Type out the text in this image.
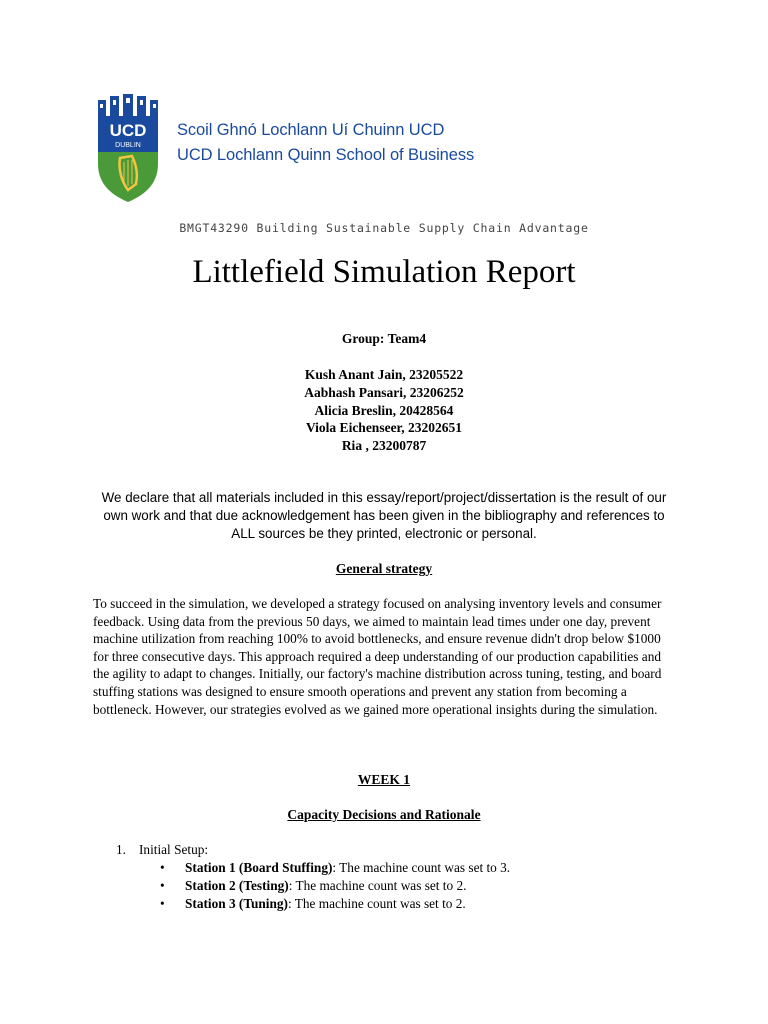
UCD
DUBLIN
Scoil Ghnó Lochlann Uí Chuinn UCD
UCD Lochlann Quinn School of Business
BMGT43290 Building Sustainable Supply Chain Advantage
Littlefield Simulation Report
Group: Team4
Kush Anant Jain, 23205522
Aabhash Pansari, 23206252
Alicia Breslin, 20428564
Viola Eichenseer, 23202651
Ria , 23200787
We declare that all materials included in this essay/report/project/dissertation is the result of our own work and that due acknowledgement has been given in the bibliography and references to ALL sources be they printed, electronic or personal.
General strategy
To succeed in the simulation, we developed a strategy focused on analysing inventory levels and consumer feedback. Using data from the previous 50 days, we aimed to maintain lead times under one day, prevent machine utilization from reaching 100% to avoid bottlenecks, and ensure revenue didn't drop below $1000 for three consecutive days. This approach required a deep understanding of our production capabilities and the agility to adapt to changes. Initially, our factory's machine distribution across tuning, testing, and board stuffing stations was designed to ensure smooth operations and prevent any station from becoming a bottleneck. However, our strategies evolved as we gained more operational insights during the simulation.
WEEK 1
Capacity Decisions and Rationale
1. Initial Setup:
• Station 1 (Board Stuffing): The machine count was set to 3.
• Station 2 (Testing): The machine count was set to 2.
• Station 3 (Tuning): The machine count was set to 2.
